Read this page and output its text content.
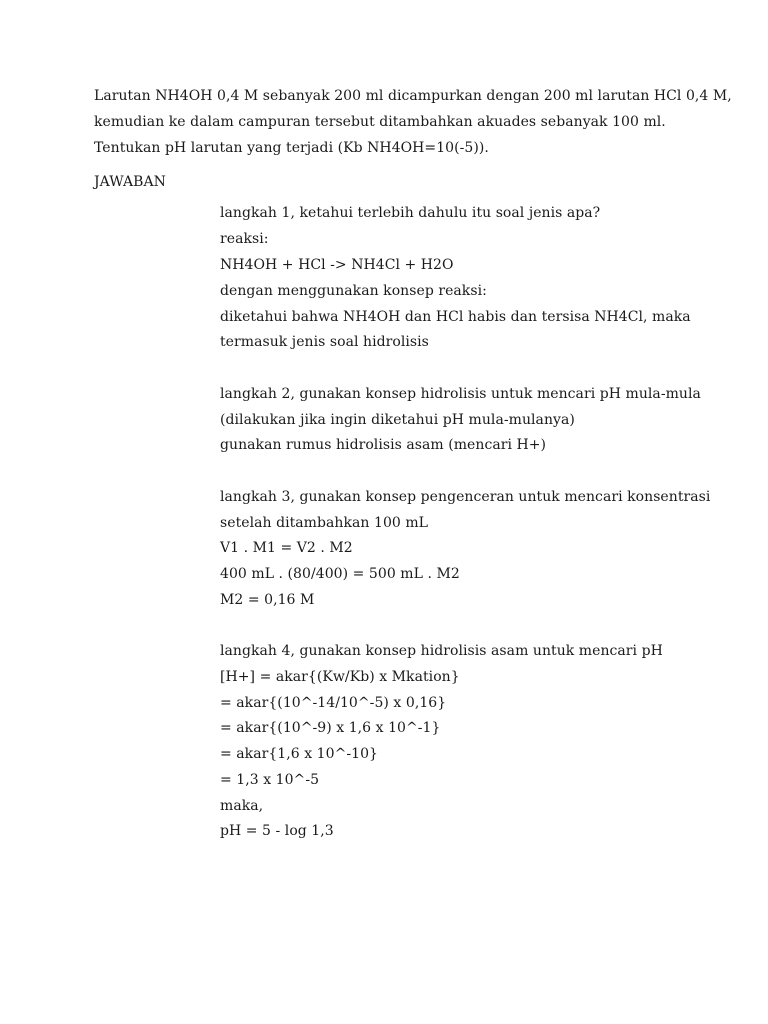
Larutan NH4OH 0,4 M sebanyak 200 ml dicampurkan dengan 200 ml larutan HCl 0,4 M,
kemudian ke dalam campuran tersebut ditambahkan akuades sebanyak 100 ml.
Tentukan pH larutan yang terjadi (Kb NH4OH=10(-5)).
JAWABAN
langkah 1, ketahui terlebih dahulu itu soal jenis apa?
reaksi:
NH4OH + HCl -> NH4Cl + H2O
dengan menggunakan konsep reaksi:
diketahui bahwa NH4OH dan HCl habis dan tersisa NH4Cl, maka
termasuk jenis soal hidrolisis
langkah 2, gunakan konsep hidrolisis untuk mencari pH mula-mula
(dilakukan jika ingin diketahui pH mula-mulanya)
gunakan rumus hidrolisis asam (mencari H+)
langkah 3, gunakan konsep pengenceran untuk mencari konsentrasi
setelah ditambahkan 100 mL
V1 . M1 = V2 . M2
400 mL . (80/400) = 500 mL . M2
M2 = 0,16 M
langkah 4, gunakan konsep hidrolisis asam untuk mencari pH
[H+] = akar{(Kw/Kb) x Mkation}
= akar{(10^-14/10^-5) x 0,16}
= akar{(10^-9) x 1,6 x 10^-1}
= akar{1,6 x 10^-10}
= 1,3 x 10^-5
maka,
pH = 5 - log 1,3
